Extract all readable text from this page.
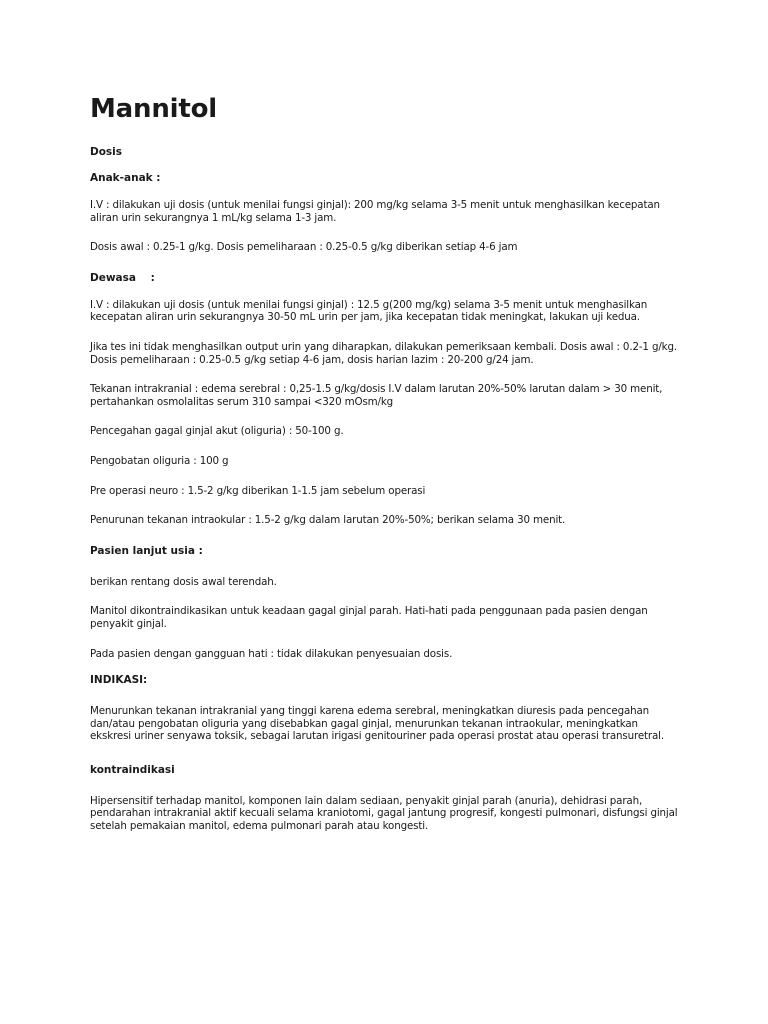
Mannitol

Dosis

Anak-anak :

I.V : dilakukan uji dosis (untuk menilai fungsi ginjal): 200 mg/kg selama 3-5 menit untuk menghasilkan kecepatan aliran urin sekurangnya 1 mL/kg selama 1-3 jam.

Dosis awal : 0.25-1 g/kg. Dosis pemeliharaan : 0.25-0.5 g/kg diberikan setiap 4-6 jam

Dewasa    :

I.V : dilakukan uji dosis (untuk menilai fungsi ginjal) : 12.5 g(200 mg/kg) selama 3-5 menit untuk menghasilkan kecepatan aliran urin sekurangnya 30-50 mL urin per jam, jika kecepatan tidak meningkat, lakukan uji kedua.

Jika tes ini tidak menghasilkan output urin yang diharapkan, dilakukan pemeriksaan kembali. Dosis awal : 0.2-1 g/kg. Dosis pemeliharaan : 0.25-0.5 g/kg setiap 4-6 jam, dosis harian lazim : 20-200 g/24 jam.

Tekanan intrakranial : edema serebral : 0,25-1.5 g/kg/dosis I.V dalam larutan 20%-50% larutan dalam > 30 menit, pertahankan osmolalitas serum 310 sampai <320 mOsm/kg

Pencegahan gagal ginjal akut (oliguria) : 50-100 g.

Pengobatan oliguria : 100 g

Pre operasi neuro : 1.5-2 g/kg diberikan 1-1.5 jam sebelum operasi

Penurunan tekanan intraokular : 1.5-2 g/kg dalam larutan 20%-50%; berikan selama 30 menit.

Pasien lanjut usia :

berikan rentang dosis awal terendah.

Manitol dikontraindikasikan untuk keadaan gagal ginjal parah. Hati-hati pada penggunaan pada pasien dengan penyakit ginjal.

Pada pasien dengan gangguan hati : tidak dilakukan penyesuaian dosis.

INDIKASI:

Menurunkan tekanan intrakranial yang tinggi karena edema serebral, meningkatkan diuresis pada pencegahan dan/atau pengobatan oliguria yang disebabkan gagal ginjal, menurunkan tekanan intraokular, meningkatkan ekskresi uriner senyawa toksik, sebagai larutan irigasi genitouriner pada operasi prostat atau operasi transuretral.

kontraindikasi

Hipersensitif terhadap manitol, komponen lain dalam sediaan, penyakit ginjal parah (anuria), dehidrasi parah, pendarahan intrakranial aktif kecuali selama kraniotomi, gagal jantung progresif, kongesti pulmonari, disfungsi ginjal setelah pemakaian manitol, edema pulmonari parah atau kongesti.
